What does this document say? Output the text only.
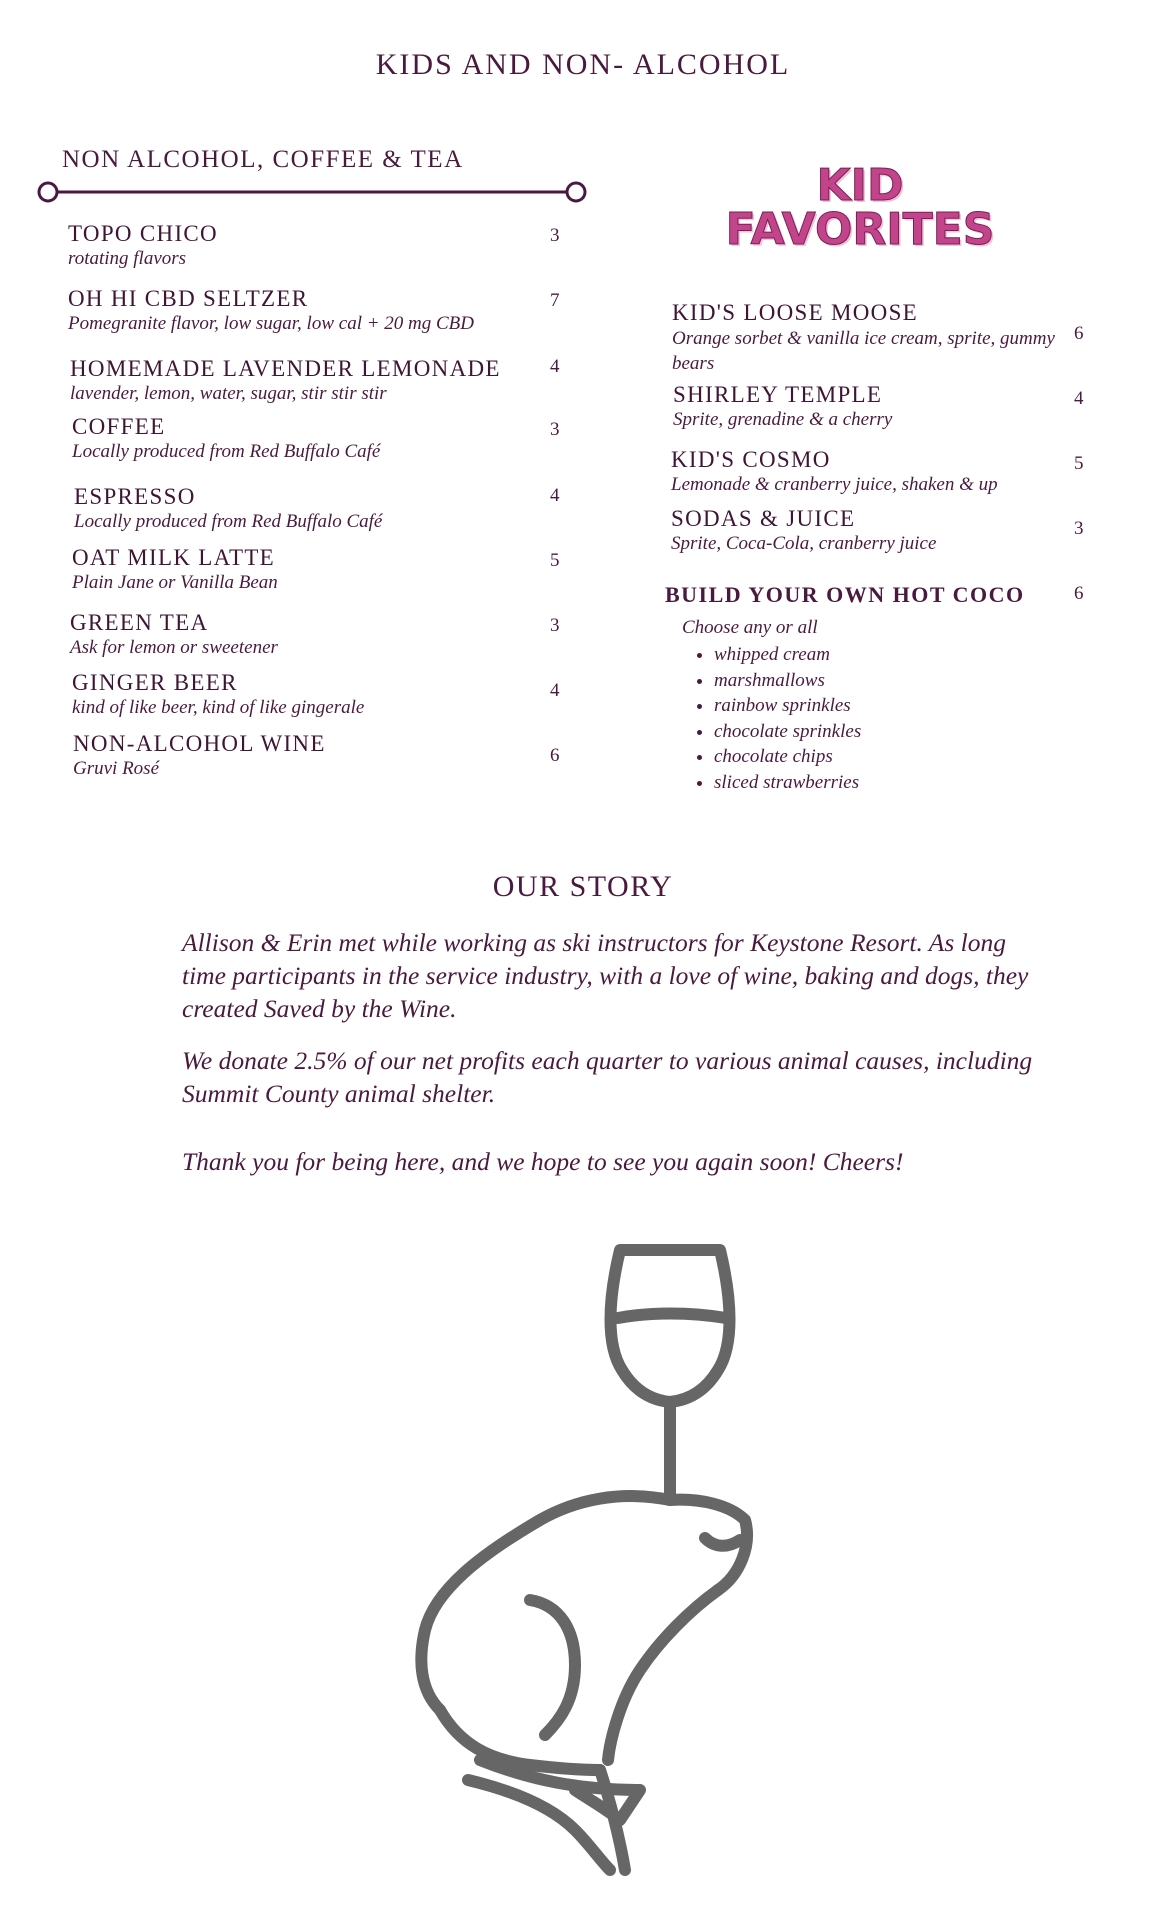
KIDS AND NON- ALCOHOL
NON ALCOHOL, COFFEE & TEA
TOPO CHICO
rotating flavors
3
OH HI CBD SELTZER
Pomegranite flavor, low sugar, low cal + 20 mg CBD
7
HOMEMADE LAVENDER LEMONADE
lavender, lemon, water, sugar, stir stir stir
4
COFFEE
Locally produced from Red Buffalo Café
3
ESPRESSO
Locally produced from Red Buffalo Café
4
OAT MILK LATTE
Plain Jane or Vanilla Bean
5
GREEN TEA
Ask for lemon or sweetener
3
GINGER BEER
kind of like beer, kind of like gingerale
4
NON-ALCOHOL WINE
Gruvi Rosé
6
KID
FAVORITES
KID'S LOOSE MOOSE
Orange sorbet & vanilla ice cream, sprite, gummy bears
6
SHIRLEY TEMPLE
Sprite, grenadine & a cherry
4
KID'S COSMO
Lemonade & cranberry juice, shaken & up
5
SODAS & JUICE
Sprite, Coca-Cola, cranberry juice
3
BUILD YOUR OWN HOT COCO	6
Choose any or all
• whipped cream
• marshmallows
• rainbow sprinkles
• chocolate sprinkles
• chocolate chips
• sliced strawberries
OUR STORY
Allison & Erin met while working as ski instructors for Keystone Resort. As long time participants in the service industry, with a love of wine, baking and dogs, they created Saved by the Wine.
We donate 2.5% of our net profits each quarter to various animal causes, including Summit County animal shelter.
Thank you for being here, and we hope to see you again soon! Cheers!
